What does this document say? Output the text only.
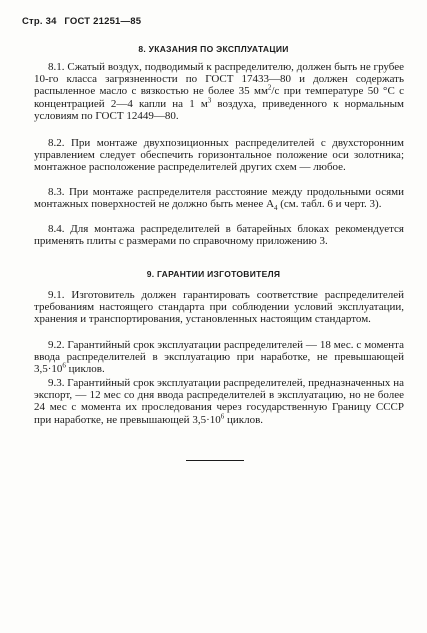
Стр. 34 ГОСТ 21251—85
8. УКАЗАНИЯ ПО ЭКСПЛУАТАЦИИ
8.1. Сжатый воздух, подводимый к распределителю, должен быть не грубее 10-го класса загрязненности по ГОСТ 17433—80 и должен содержать распыленное масло с вязкостью не более 35 $мм^2/с$ при температуре 50 °С с концентрацией 2—4 капли на 1 $м^3$ воздуха, приведенного к нормальным условиям по ГОСТ 12449—80.
8.2. При монтаже двухпозиционных распределителей с двухсторонним управлением следует обеспечить горизонтальное положение оси золотника; монтажное расположение распределителей других схем — любое.
8.3. При монтаже распределителя расстояние между продольными осями монтажных поверхностей не должно быть менее $А_4$ (см. табл. 6 и черт. 3).
8.4. Для монтажа распределителей в батарейных блоках рекомендуется применять плиты с размерами по справочному приложению 3.
9. ГАРАНТИИ ИЗГОТОВИТЕЛЯ
9.1. Изготовитель должен гарантировать соответствие распределителей требованиям настоящего стандарта при соблюдении условий эксплуатации, хранения и транспортирования, установленных настоящим стандартом.
9.2. Гарантийный срок эксплуатации распределителей — 18 мес. с момента ввода распределителей в эксплуатацию при наработке, не превышающей $3,5\cdot 10^6$ циклов.
9.3. Гарантийный срок эксплуатации распределителей, предназначенных на экспорт, — 12 мес со дня ввода распределителей в эксплуатацию, но не более 24 мес с момента их проследования через государственную Границу СССР при наработке, не превышающей $3,5\cdot 10^6$ циклов.
